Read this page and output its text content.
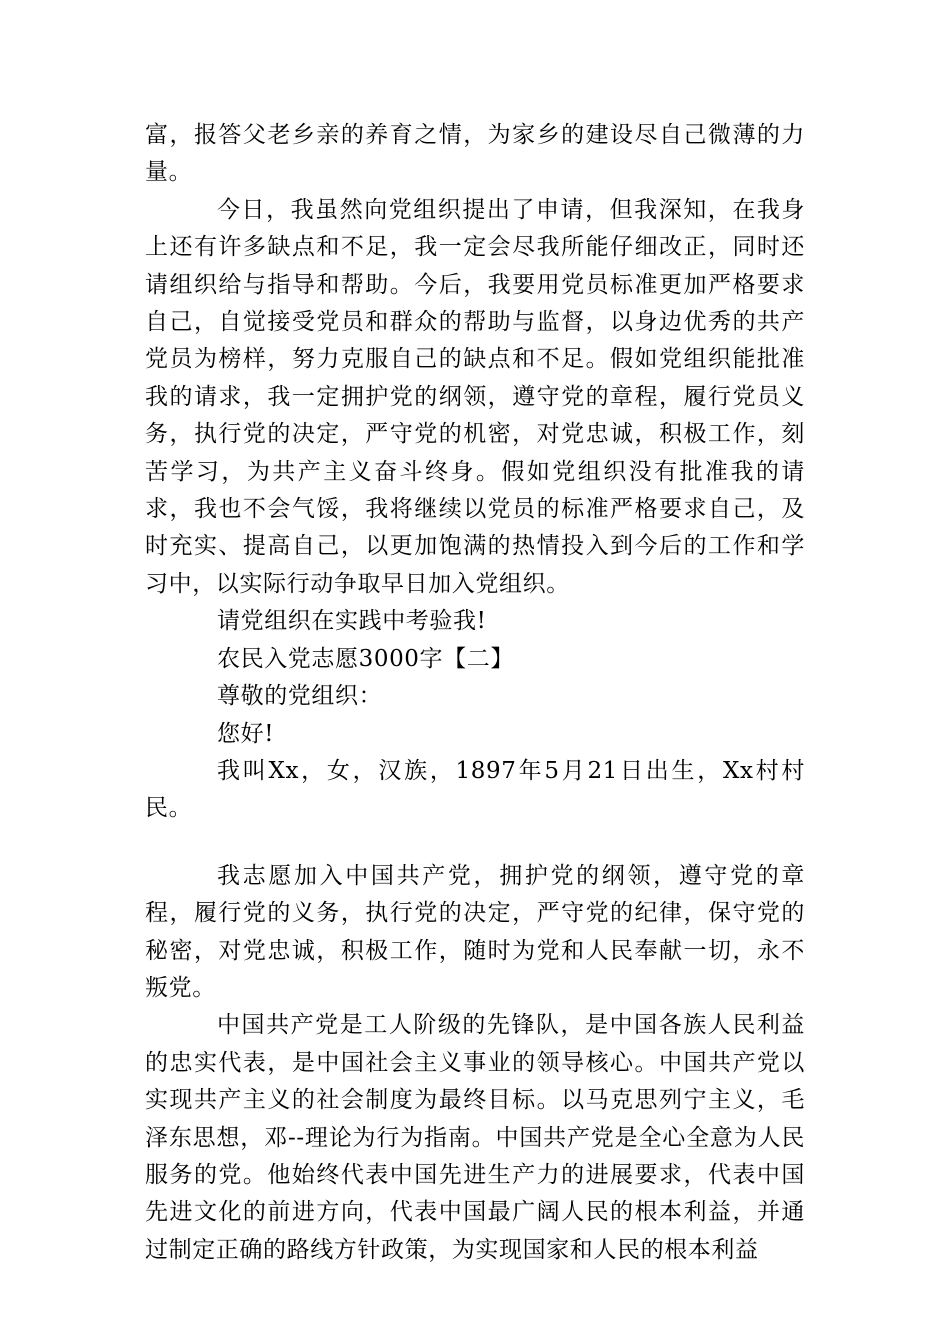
富，报答父老乡亲的养育之情，为家乡的建设尽自己微薄的力量。

今日，我虽然向党组织提出了申请，但我深知，在我身上还有许多缺点和不足，我一定会尽我所能仔细改正，同时还请组织给与指导和帮助。今后，我要用党员标准更加严格要求自己，自觉接受党员和群众的帮助与监督，以身边优秀的共产党员为榜样，努力克服自己的缺点和不足。假如党组织能批准我的请求，我一定拥护党的纲领，遵守党的章程，履行党员义务，执行党的决定，严守党的机密，对党忠诚，积极工作，刻苦学习，为共产主义奋斗终身。假如党组织没有批准我的请求，我也不会气馁，我将继续以党员的标准严格要求自己，及时充实、提高自己，以更加饱满的热情投入到今后的工作和学习中，以实际行动争取早日加入党组织。

请党组织在实践中考验我!

农民入党志愿3000字【二】

尊敬的党组织：

您好!

我叫Xx，女，汉族，1897年5月21日出生，Xx村村民。

我志愿加入中国共产党，拥护党的纲领，遵守党的章程，履行党的义务，执行党的决定，严守党的纪律，保守党的秘密，对党忠诚，积极工作，随时为党和人民奉献一切，永不叛党。

中国共产党是工人阶级的先锋队，是中国各族人民利益的忠实代表，是中国社会主义事业的领导核心。中国共产党以实现共产主义的社会制度为最终目标。以马克思列宁主义，毛泽东思想，邓--理论为行为指南。中国共产党是全心全意为人民服务的党。他始终代表中国先进生产力的进展要求，代表中国先进文化的前进方向，代表中国最广阔人民的根本利益，并通过制定正确的路线方针政策，为实现国家和人民的根本利益
